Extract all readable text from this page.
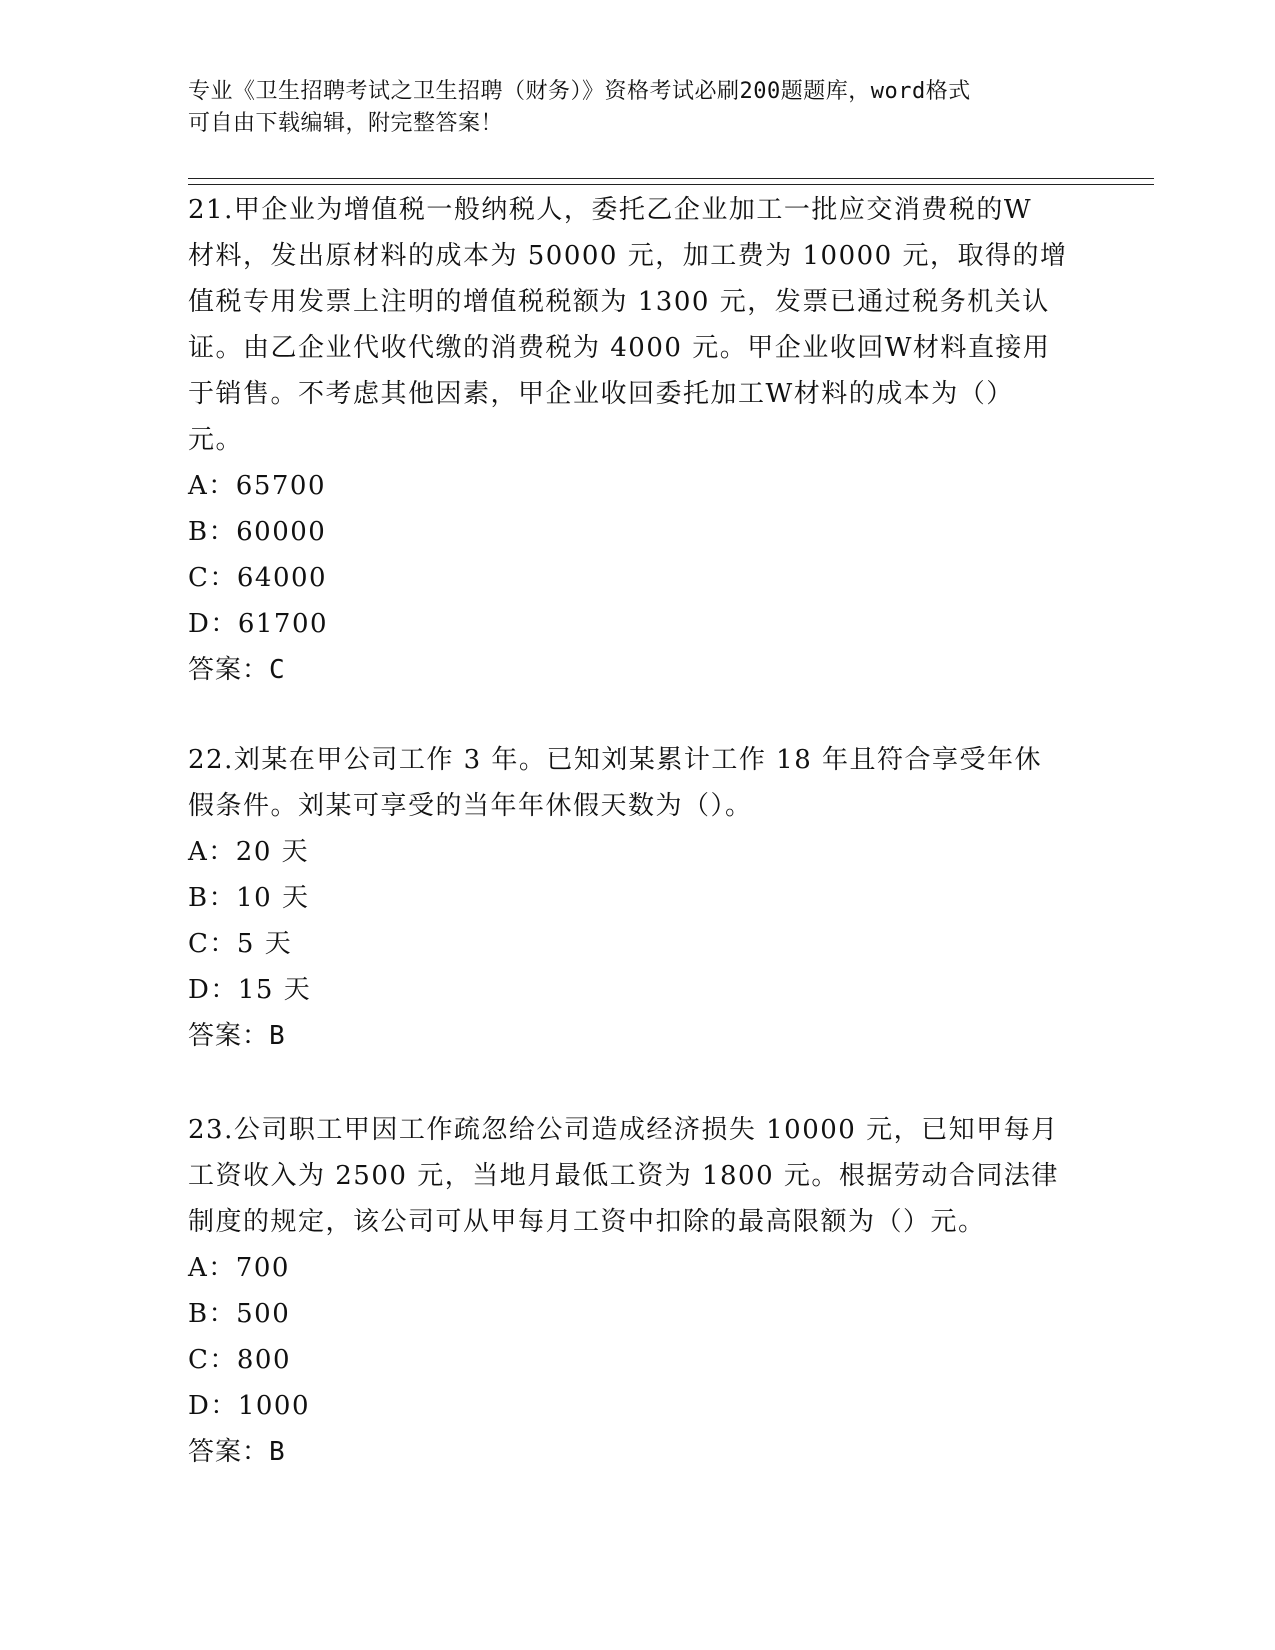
专业《卫生招聘考试之卫生招聘（财务）》资格考试必刷200题题库，word格式
可自由下载编辑，附完整答案！
21.甲企业为增值税一般纳税人，委托乙企业加工一批应交消费税的W
材料，发出原材料的成本为 50000 元，加工费为 10000 元，取得的增
值税专用发票上注明的增值税税额为 1300 元，发票已通过税务机关认
证。由乙企业代收代缴的消费税为 4000 元。甲企业收回W材料直接用
于销售。不考虑其他因素，甲企业收回委托加工W材料的成本为（）
元。
A：65700
B：60000
C：64000
D：61700
答案：C
22.刘某在甲公司工作 3 年。已知刘某累计工作 18 年且符合享受年休
假条件。刘某可享受的当年年休假天数为（）。
A：20 天
B：10 天
C：5 天
D：15 天
答案：B
23.公司职工甲因工作疏忽给公司造成经济损失 10000 元，已知甲每月
工资收入为 2500 元，当地月最低工资为 1800 元。根据劳动合同法律
制度的规定，该公司可从甲每月工资中扣除的最高限额为（）元。
A：700
B：500
C：800
D：1000
答案：B
